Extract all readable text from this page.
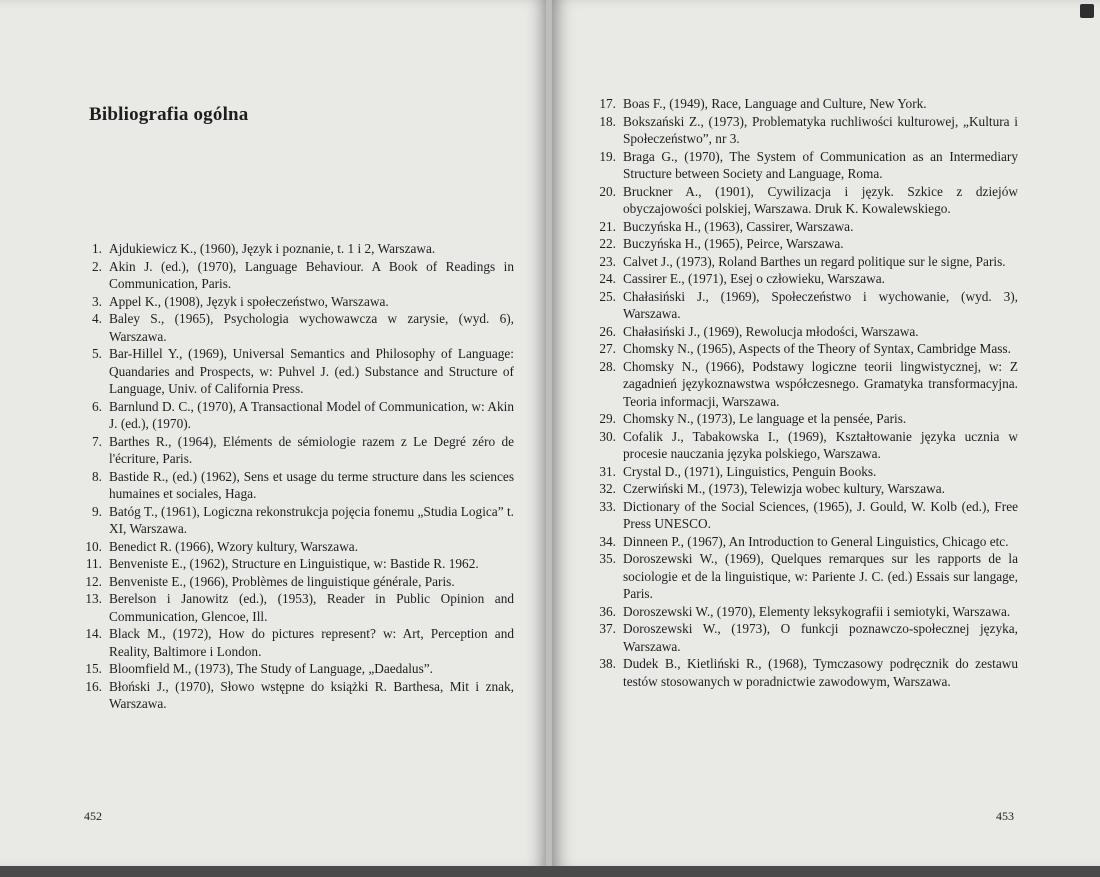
Bibliografia ogólna
1. Ajdukiewicz K., (1960), Język i poznanie, t. 1 i 2, Warszawa.
2. Akin J. (ed.), (1970), Language Behaviour. A Book of Readings in Communication, Paris.
3. Appel K., (1908), Język i społeczeństwo, Warszawa.
4. Baley S., (1965), Psychologia wychowawcza w zarysie, (wyd. 6), Warszawa.
5. Bar-Hillel Y., (1969), Universal Semantics and Philosophy of Language: Quandaries and Prospects, w: Puhvel J. (ed.) Substance and Structure of Language, Univ. of California Press.
6. Barnlund D. C., (1970), A Transactional Model of Communication, w: Akin J. (ed.), (1970).
7. Barthes R., (1964), Eléments de sémiologie razem z Le Degré zéro de l'écriture, Paris.
8. Bastide R., (ed.) (1962), Sens et usage du terme structure dans les sciences humaines et sociales, Haga.
9. Batóg T., (1961), Logiczna rekonstrukcja pojęcia fonemu „Studia Logica” t. XI, Warszawa.
10. Benedict R. (1966), Wzory kultury, Warszawa.
11. Benveniste E., (1962), Structure en Linguistique, w: Bastide R. 1962.
12. Benveniste E., (1966), Problèmes de linguistique générale, Paris.
13. Berelson i Janowitz (ed.), (1953), Reader in Public Opinion and Communication, Glencoe, Ill.
14. Black M., (1972), How do pictures represent? w: Art, Perception and Reality, Baltimore i London.
15. Bloomfield M., (1973), The Study of Language, „Daedalus”.
16. Błoński J., (1970), Słowo wstępne do książki R. Barthesa, Mit i znak, Warszawa.
452
17. Boas F., (1949), Race, Language and Culture, New York.
18. Bokszański Z., (1973), Problematyka ruchliwości kulturowej, „Kultura i Społeczeństwo”, nr 3.
19. Braga G., (1970), The System of Communication as an Intermediary Structure between Society and Language, Roma.
20. Bruckner A., (1901), Cywilizacja i język. Szkice z dziejów obyczajowości polskiej, Warszawa. Druk K. Kowalewskiego.
21. Buczyńska H., (1963), Cassirer, Warszawa.
22. Buczyńska H., (1965), Peirce, Warszawa.
23. Calvet J., (1973), Roland Barthes un regard politique sur le signe, Paris.
24. Cassirer E., (1971), Esej o człowieku, Warszawa.
25. Chałasiński J., (1969), Społeczeństwo i wychowanie, (wyd. 3), Warszawa.
26. Chałasiński J., (1969), Rewolucja młodości, Warszawa.
27. Chomsky N., (1965), Aspects of the Theory of Syntax, Cambridge Mass.
28. Chomsky N., (1966), Podstawy logiczne teorii lingwistycznej, w: Z zagadnień językoznawstwa współczesnego. Gramatyka transformacyjna. Teoria informacji, Warszawa.
29. Chomsky N., (1973), Le language et la pensée, Paris.
30. Cofalik J., Tabakowska I., (1969), Kształtowanie języka ucznia w procesie nauczania języka polskiego, Warszawa.
31. Crystal D., (1971), Linguistics, Penguin Books.
32. Czerwiński M., (1973), Telewizja wobec kultury, Warszawa.
33. Dictionary of the Social Sciences, (1965), J. Gould, W. Kolb (ed.), Free Press UNESCO.
34. Dinneen P., (1967), An Introduction to General Linguistics, Chicago etc.
35. Doroszewski W., (1969), Quelques remarques sur les rapports de la sociologie et de la linguistique, w: Pariente J. C. (ed.) Essais sur langage, Paris.
36. Doroszewski W., (1970), Elementy leksykografii i semiotyki, Warszawa.
37. Doroszewski W., (1973), O funkcji poznawczo-społecznej języka, Warszawa.
38. Dudek B., Kietliński R., (1968), Tymczasowy podręcznik do zestawu testów stosowanych w poradnictwie zawodowym, Warszawa.
453
